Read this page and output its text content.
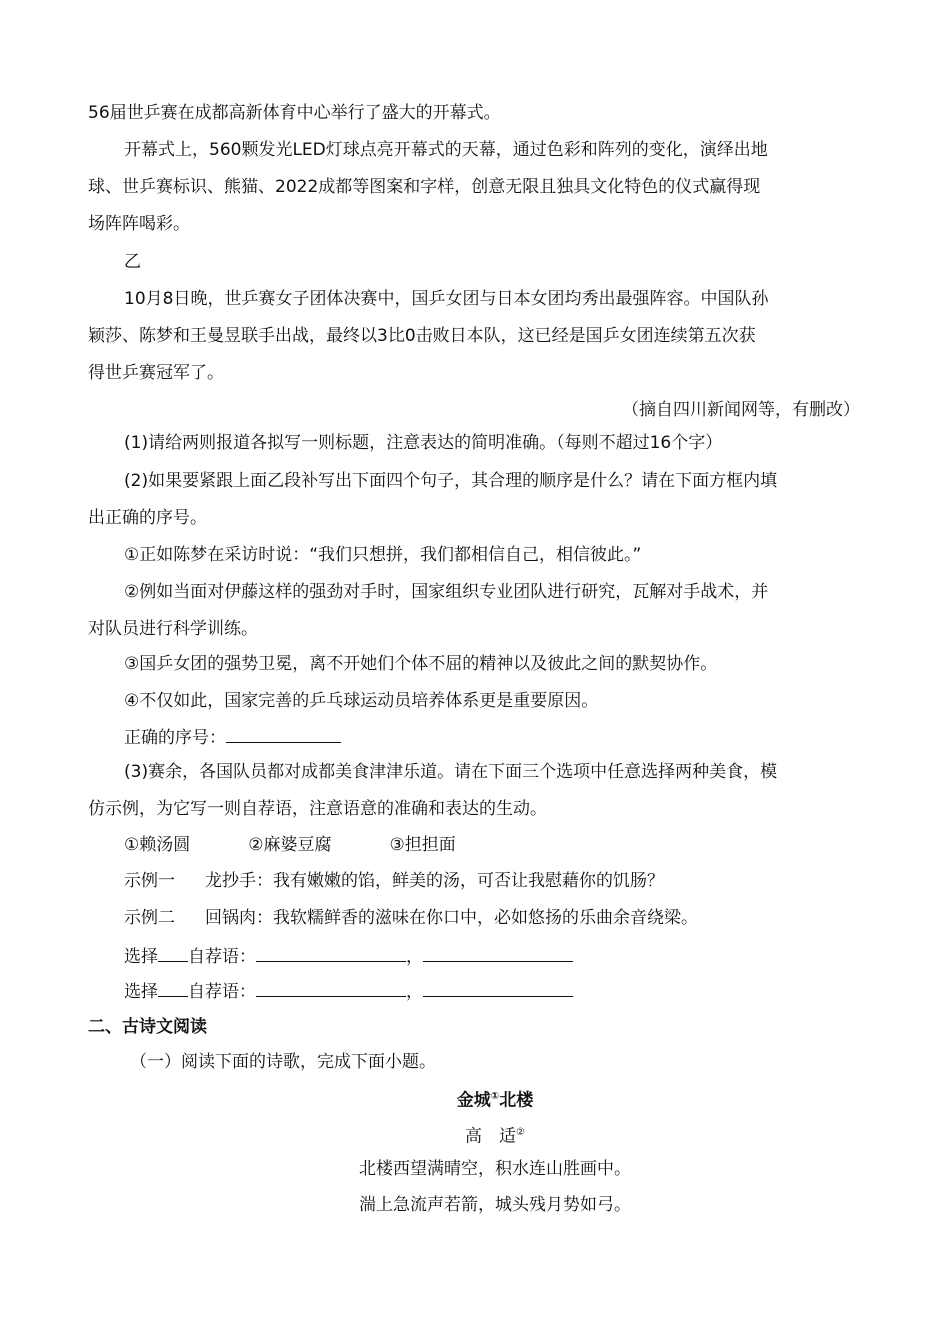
56届世乒赛在成都高新体育中心举行了盛大的开幕式。
开幕式上，560颗发光LED灯球点亮开幕式的天幕，通过色彩和阵列的变化，演绎出地
球、世乒赛标识、熊猫、2022成都等图案和字样，创意无限且独具文化特色的仪式赢得现
场阵阵喝彩。
乙
10月8日晚，世乒赛女子团体决赛中，国乒女团与日本女团均秀出最强阵容。中国队孙
颖莎、陈梦和王曼昱联手出战，最终以3比0击败日本队，这已经是国乒女团连续第五次获
得世乒赛冠军了。
（摘自四川新闻网等，有删改）
(1)请给两则报道各拟写一则标题，注意表达的简明准确。（每则不超过16个字）
(2)如果要紧跟上面乙段补写出下面四个句子，其合理的顺序是什么？请在下面方框内填
出正确的序号。
①正如陈梦在采访时说：“我们只想拼，我们都相信自己，相信彼此。”
②例如当面对伊藤这样的强劲对手时，国家组织专业团队进行研究，瓦解对手战术，并
对队员进行科学训练。
③国乒女团的强势卫冕，离不开她们个体不屈的精神以及彼此之间的默契协作。
④不仅如此，国家完善的乒乓球运动员培养体系更是重要原因。
正确的序号：
(3)赛余，各国队员都对成都美食津津乐道。请在下面三个选项中任意选择两种美食，模
仿示例，为它写一则自荐语，注意语意的准确和表达的生动。
①赖汤圆	②麻婆豆腐	③担担面
示例一 龙抄手：我有嫩嫩的馅，鲜美的汤，可否让我慰藉你的饥肠？
示例二 回锅肉：我软糯鲜香的滋味在你口中，必如悠扬的乐曲余音绕梁。
选择 自荐语：	，
选择 自荐语：	，
二、古诗文阅读
（一）阅读下面的诗歌，完成下面小题。
金城①北楼
高　适②
北楼西望满晴空，积水连山胜画中。
湍上急流声若箭，城头残月势如弓。
